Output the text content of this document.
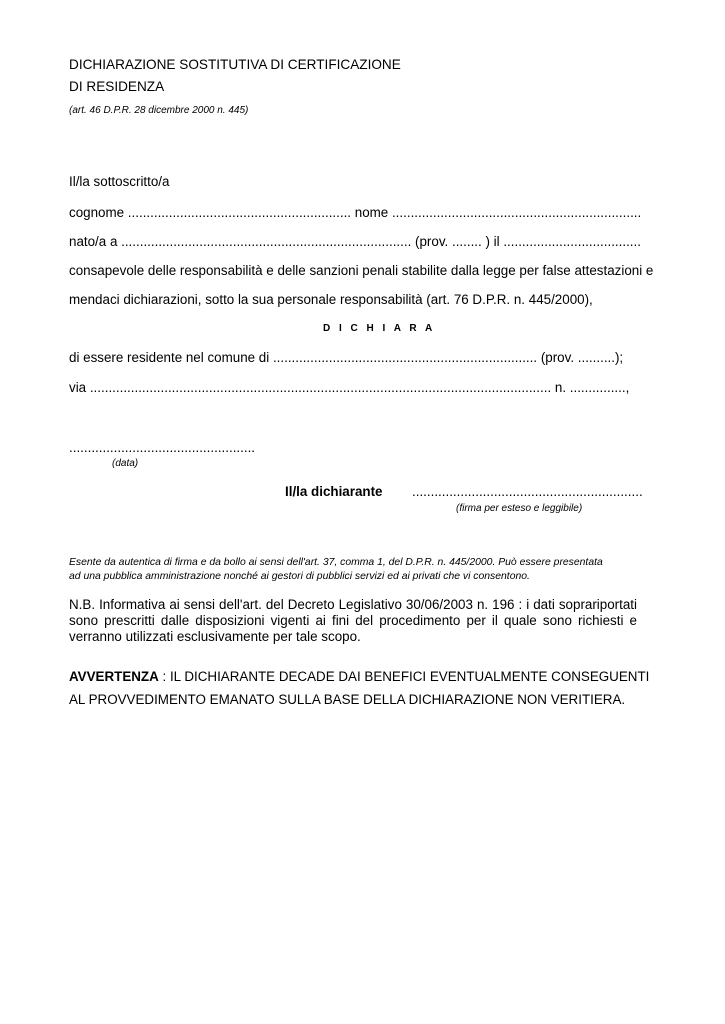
DICHIARAZIONE SOSTITUTIVA DI CERTIFICAZIONE
DI RESIDENZA
(art. 46 D.P.R. 28 dicembre 2000 n. 445)
Il/la sottoscritto/a
cognome ............................................................ nome ...................................................................
nato/a a .............................................................................. (prov. ........ ) il .....................................
consapevole delle responsabilità e delle sanzioni penali stabilite dalla legge per false attestazioni e
mendaci dichiarazioni, sotto la sua personale responsabilità (art. 76 D.P.R. n. 445/2000),
D I C H I A R A
di essere residente nel comune di ....................................................................... (prov. ..........);
via ............................................................................................................................ n. ...............,
..................................................
(data)
Il/la dichiarante ..............................................................
(firma per esteso e leggibile)
Esente da autentica di firma e da bollo ai sensi dell'art. 37, comma 1, del D.P.R. n. 445/2000. Può essere presentata
ad una pubblica amministrazione nonché ai gestori di pubblici servizi ed ai privati che vi consentono.
N.B. Informativa ai sensi dell'art. del Decreto Legislativo 30/06/2003 n. 196 : i dati soprariportati sono prescritti dalle disposizioni vigenti ai fini del procedimento per il quale sono richiesti e verranno utilizzati esclusivamente per tale scopo.
AVVERTENZA : IL DICHIARANTE DECADE DAI BENEFICI EVENTUALMENTE CONSEGUENTI
AL PROVVEDIMENTO EMANATO SULLA BASE DELLA DICHIARAZIONE NON VERITIERA.
